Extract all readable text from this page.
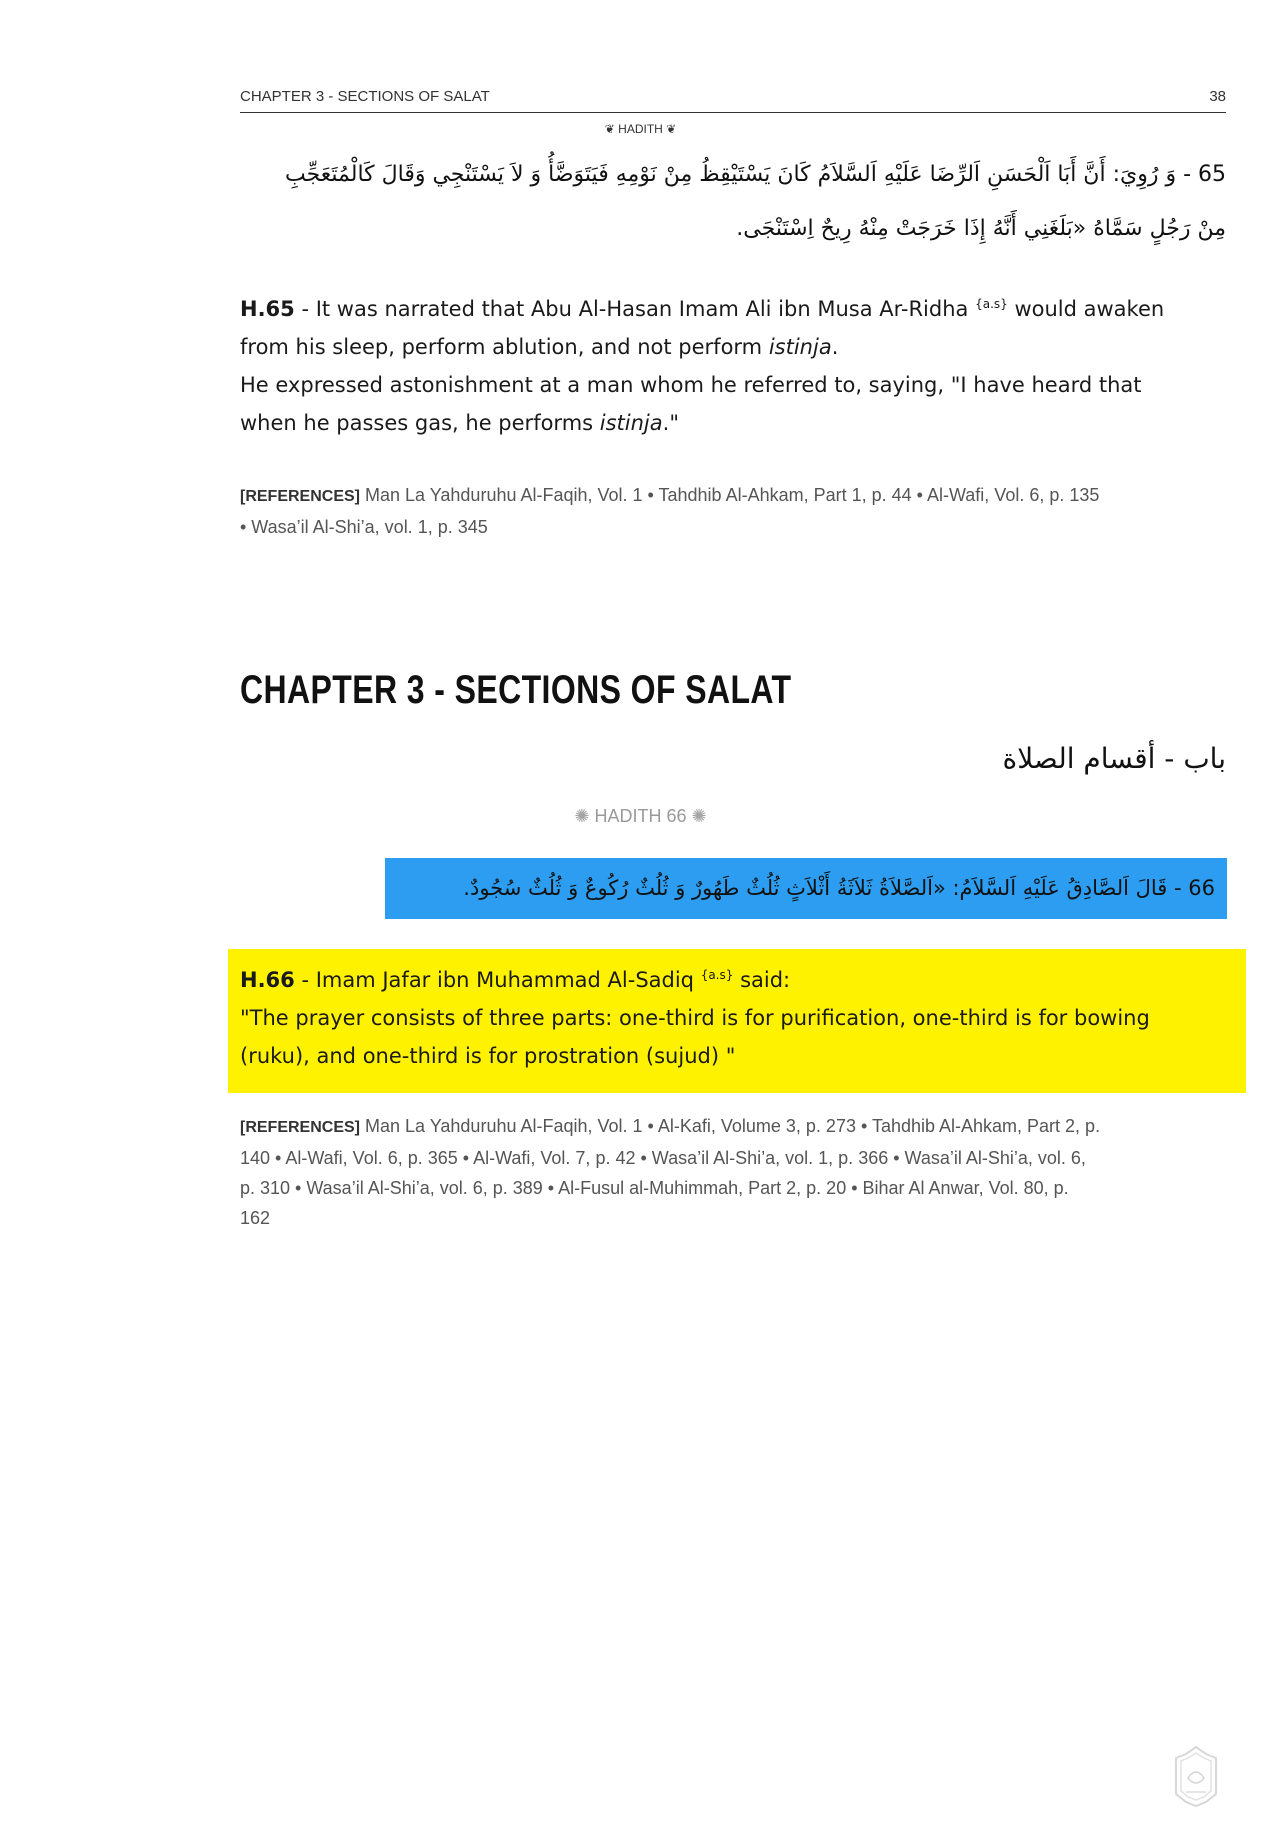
CHAPTER 3 - SECTIONS OF SALAT	38
❦ HADITH ❦
65 - وَ رُوِيَ: أَنَّ أَبَا اَلْحَسَنِ اَلرِّضَا عَلَيْهِ اَلسَّلاَمُ كَانَ يَسْتَيْقِظُ مِنْ نَوْمِهِ فَيَتَوَضَّأُ وَ لاَ يَسْتَنْجِي وَقَالَ كَالْمُتَعَجِّبِ
مِنْ رَجُلٍ سَمَّاهُ «بَلَغَنِي أَنَّهُ إِذَا خَرَجَتْ مِنْهُ رِيحٌ اِسْتَنْجَى.
H.65 - It was narrated that Abu Al-Hasan Imam Ali ibn Musa Ar-Ridha $^{\{a.s\}}$ would awaken
from his sleep, perform ablution, and not perform istinja.
He expressed astonishment at a man whom he referred to, saying, "I have heard that
when he passes gas, he performs istinja."
[REFERENCES] Man La Yahduruhu Al-Faqih, Vol. 1 • Tahdhib Al-Ahkam, Part 1, p. 44 • Al-Wafi, Vol. 6, p. 135
• Wasa’il Al-Shi’a, vol. 1, p. 345
CHAPTER 3 - SECTIONS OF SALAT
باب - أقسام الصلاة
✺ HADITH 66 ✺
66 - قَالَ اَلصَّادِقُ عَلَيْهِ اَلسَّلاَمُ: «اَلصَّلاَةُ ثَلاَثَةُ أَثْلاَثٍ ثُلُثٌ طَهُورٌ وَ ثُلُثٌ رُكُوعٌ وَ ثُلُثٌ سُجُودٌ.
H.66 - Imam Jafar ibn Muhammad Al-Sadiq $^{\{a.s\}}$ said:
"The prayer consists of three parts: one-third is for purification, one-third is for bowing
(ruku), and one-third is for prostration (sujud) "
[REFERENCES] Man La Yahduruhu Al-Faqih, Vol. 1 • Al-Kafi, Volume 3, p. 273 • Tahdhib Al-Ahkam, Part 2, p.
140 • Al-Wafi, Vol. 6, p. 365 • Al-Wafi, Vol. 7, p. 42 • Wasa’il Al-Shi’a, vol. 1, p. 366 • Wasa’il Al-Shi’a, vol. 6,
p. 310 • Wasa’il Al-Shi’a, vol. 6, p. 389 • Al-Fusul al-Muhimmah, Part 2, p. 20 • Bihar Al Anwar, Vol. 80, p.
162
